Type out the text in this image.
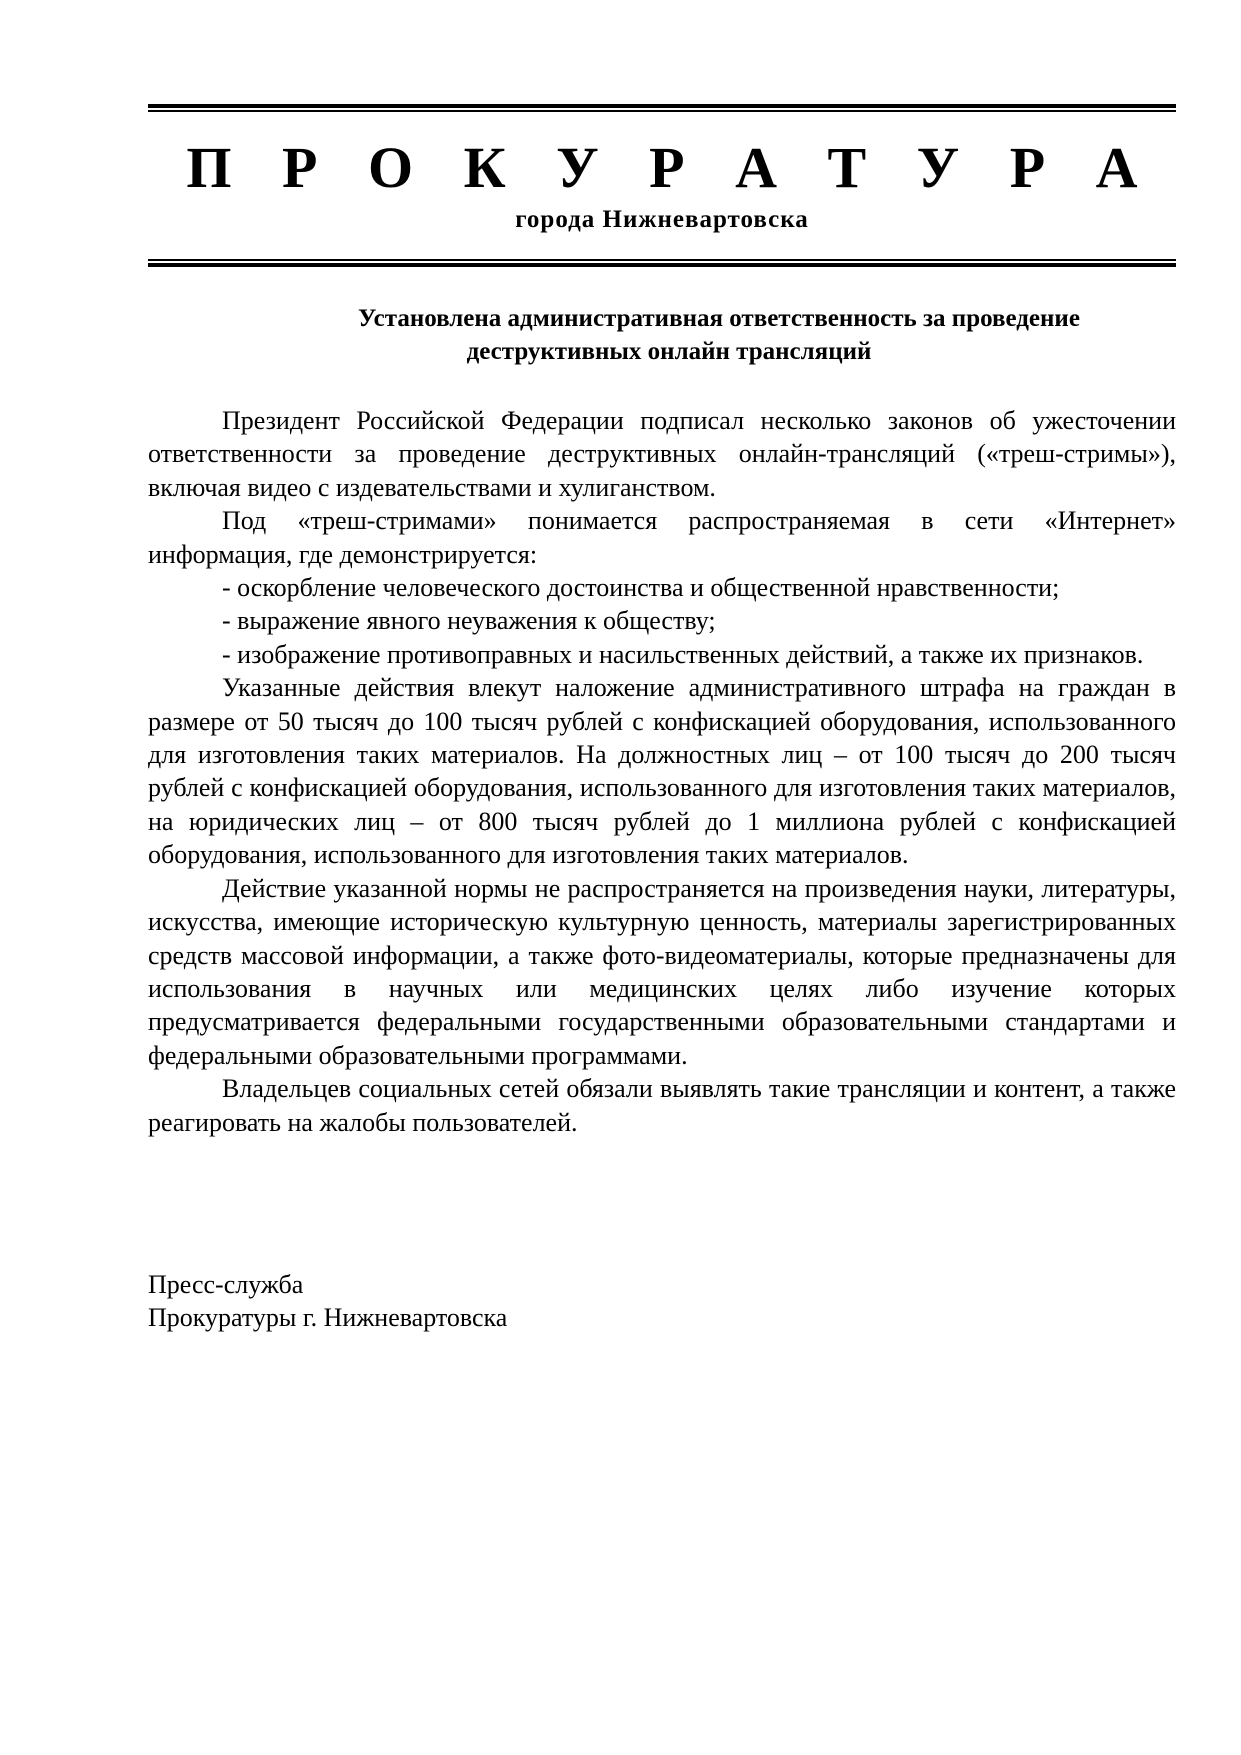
П Р О К У Р А Т У Р А
города Нижневартовска
Установлена административная ответственность за проведение
деструктивных онлайн трансляций

Президент Российской Федерации подписал несколько законов об ужесточении ответственности за проведение деструктивных онлайн-трансляций («треш-стримы»), включая видео с издевательствами и хулиганством.

Под «треш-стримами» понимается распространяемая в сети «Интернет» информация, где демонстрируется:

- оскорбление человеческого достоинства и общественной нравственности;

- выражение явного неуважения к обществу;

- изображение противоправных и насильственных действий, а также их признаков.

Указанные действия влекут наложение административного штрафа на граждан в размере от 50 тысяч до 100 тысяч рублей с конфискацией оборудования, использованного для изготовления таких материалов. На должностных лиц – от 100 тысяч до 200 тысяч рублей с конфискацией оборудования, использованного для изготовления таких материалов, на юридических лиц – от 800 тысяч рублей до 1 миллиона рублей с конфискацией оборудования, использованного для изготовления таких материалов.

Действие указанной нормы не распространяется на произведения науки, литературы, искусства, имеющие историческую культурную ценность, материалы зарегистрированных средств массовой информации, а также фото-видеоматериалы, которые предназначены для использования в научных или медицинских целях либо изучение которых предусматривается федеральными государственными образовательными стандартами и федеральными образовательными программами.

Владельцев социальных сетей обязали выявлять такие трансляции и контент, а также реагировать на жалобы пользователей.

Пресс-служба
Прокуратуры г. Нижневартовска
